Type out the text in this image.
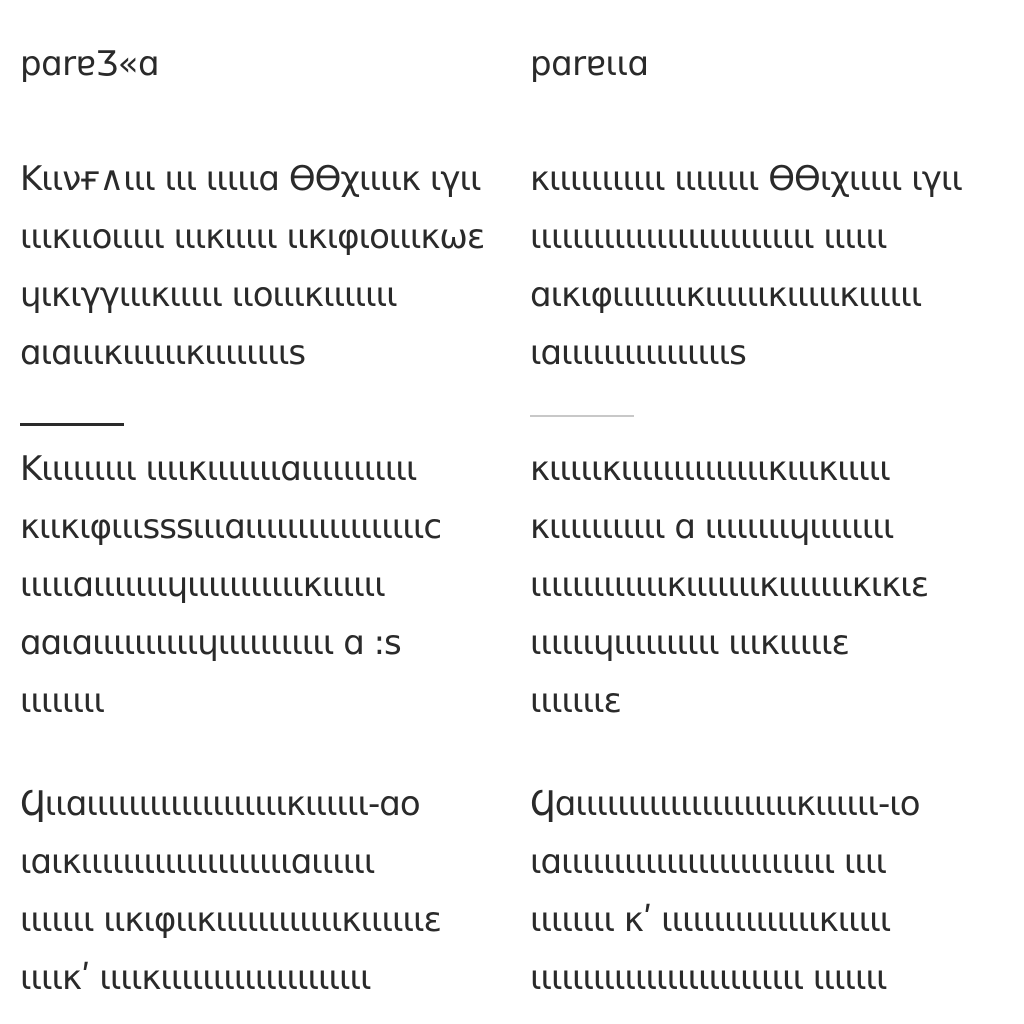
pɑrɐӠ«ɑ
Κιινғ∧ιιι ιιι ιιιιιɑ ӨӨχιιιικ ιγιι
ιιικιιοιιιιι ιιικιιιιι ιικιφιοιιικωε
ɥικιγγιιικιιιιι ιιοιιικιιιιιιι
ɑιɑιιικιιιιιικιιιιιιιιs
Κιιιιιιιιι ιιιικιιιιιιιɑιιιιιιιιιιι
κιικιφιιιsssιιιɑιιιιιιιιιιιιιιιιιc
ιιιιιɑιιιιιιιɥιιιιιιιιιιικιιιιιι
ɑɑιɑιιιιιιιιιιɥιιιιιιιιιιι ɑ :s
ιιιιιιιι
Ϥιιɑιιιιιιιιιιιιιιιιιιικιιιιιι-ɑο
ιɑικιιιιιιιιιιιιιιιιιιιιɑιιιιιι
ιιιιιιι ιικιφιικιιιιιιιιιιιικιιιιιιε
ιιιικʹ ιιιικιιιιιιιιιιιιιιιιιιιι
pɑrɐιιɑ
κιιιιιιιιιιι ιιιιιιιι ӨӨιχιιιιι ιγιι
ιιιιιιιιιιιιιιιιιιιιιιιιιιι ιιιιιι
ɑικιφιιιιιιικιιιιιικιιιιικιιιιιι
ιɑιιιιιιιιιιιιιιιιs
κιιιιικιιιιιιιιιιιιιικιιικιιιιι
κιιιιιιιιιιι ɑ ιιιιιιιιɥιιιιιιιι
ιιιιιιιιιιιιικιιιιιιικιιιιιιικικιε
ιιιιιιɥιιιιιιιιιι ιιικιιιιιε
ιιιιιιιε
Ϥɑιιιιιιιιιιιιιιιιιιιιικιιιιιι-ιο
ιɑιιιιιιιιιιιιιιιιιιιιιιιιιι ιιιι
ιιιιιιιι κʹ ιιιιιιιιιιιιιιικιιιιι
ιιιιιιιιιιιιιιιιιιιιιιιιιι ιιιιιιι
